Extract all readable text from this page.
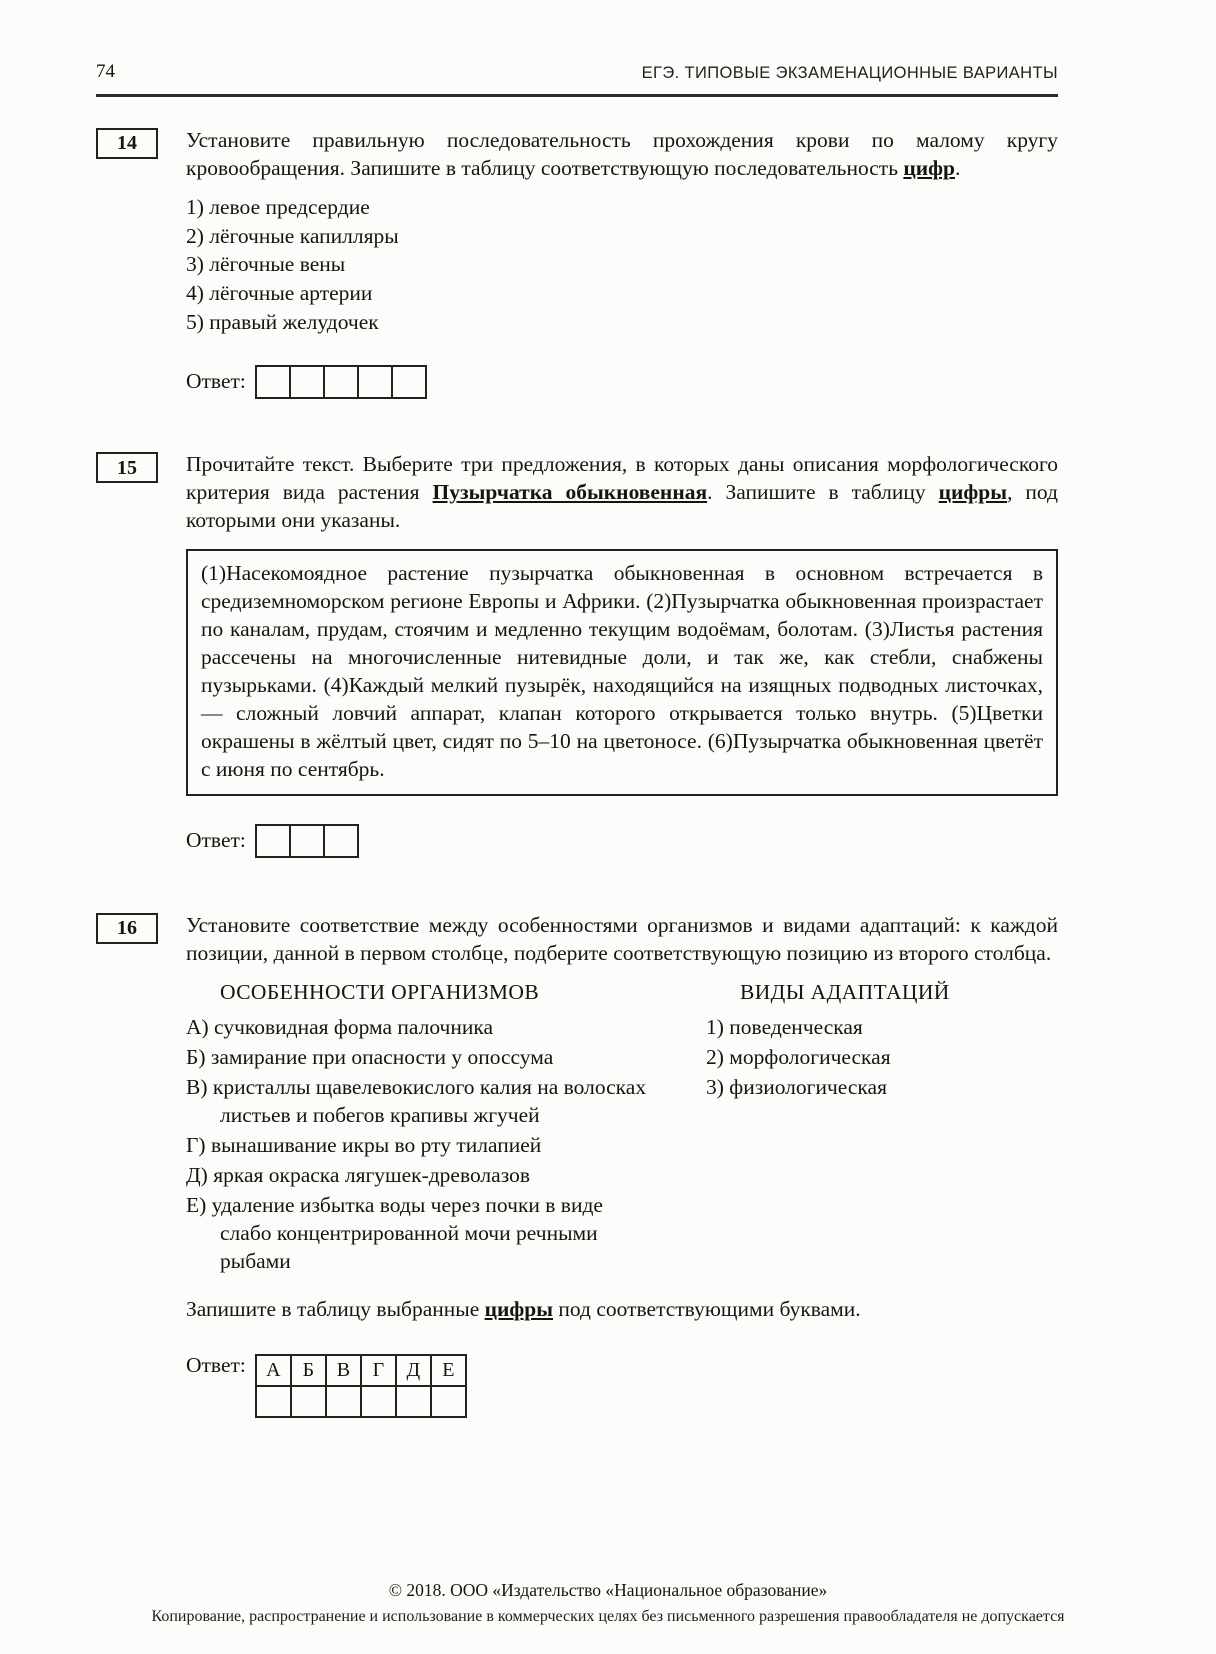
74	ЕГЭ. ТИПОВЫЕ ЭКЗАМЕНАЦИОННЫЕ ВАРИАНТЫ
14	Установите правильную последовательность прохождения крови по малому кругу кровообращения. Запишите в таблицу соответствующую последовательность цифр.

1) левое предсердие

2) лёгочные капилляры

3) лёгочные вены

4) лёгочные артерии

5) правый желудочек

Ответ:
15	Прочитайте текст. Выберите три предложения, в которых даны описания морфологического критерия вида растения Пузырчатка обыкновенная. Запишите в таблицу цифры, под которыми они указаны.

(1)Насекомоядное растение пузырчатка обыкновенная в основном встречается в средиземноморском регионе Европы и Африки. (2)Пузырчатка обыкновенная произрастает по каналам, прудам, стоячим и медленно текущим водоёмам, болотам. (3)Листья растения рассечены на многочисленные нитевидные доли, и так же, как стебли, снабжены пузырьками. (4)Каждый мелкий пузырёк, находящийся на изящных подводных листочках, — сложный ловчий аппарат, клапан которого открывается только внутрь. (5)Цветки окрашены в жёлтый цвет, сидят по 5–10 на цветоносе. (6)Пузырчатка обыкновенная цветёт с июня по сентябрь.
Ответ:
16	Установите соответствие между особенностями организмов и видами адаптаций: к каждой позиции, данной в первом столбце, подберите соответствующую позицию из второго столбца.

ОСОБЕННОСТИ ОРГАНИЗМОВ

А) сучковидная форма палочника

Б) замирание при опасности у опоссума

В) кристаллы щавелевокислого калия на волосках листьев и побегов крапивы жгучей

Г) вынашивание икры во рту тилапией

Д) яркая окраска лягушек-древолазов

Е) удаление избытка воды через почки в виде слабо концентрированной мочи речными рыбами

ВИДЫ АДАПТАЦИЙ

1) поведенческая

2) морфологическая

3) физиологическая

Запишите в таблицу выбранные цифры под соответствующими буквами.

Ответ: А	Б	В	Г	Д	Е

© 2018. ООО «Издательство «Национальное образование»
Копирование, распространение и использование в коммерческих целях без письменного разрешения правообладателя не допускается
